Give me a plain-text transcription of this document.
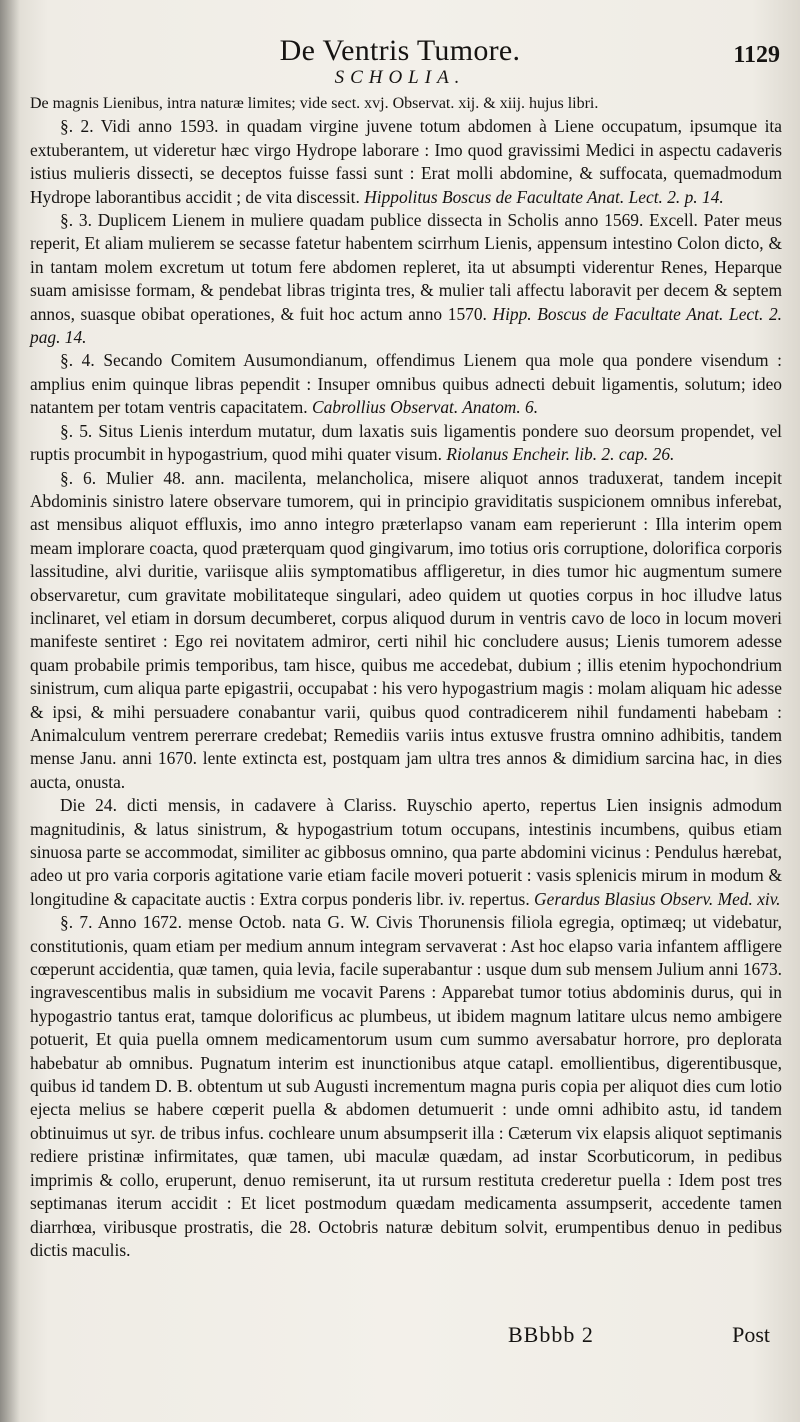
De Ventris Tumore.	1129
SCHOLIA.

De magnis Lienibus, intra naturæ limites; vide sect. xvj. Observat. xij. & xiij. hujus libri.

§. 2. Vidi anno 1593. in quadam virgine juvene totum abdomen à Liene occupatum, ipsumque ita extuberantem, ut videretur hæc virgo Hydrope laborare : Imo quod gravissimi Medici in aspectu cadaveris istius mulieris dissecti, se deceptos fuisse fassi sunt : Erat molli abdomine, & suffocata, quemadmodum Hydrope laborantibus accidit ; de vita discessit. Hippolitus Boscus de Facultate Anat. Lect. 2. p. 14.

§. 3. Duplicem Lienem in muliere quadam publice dissecta in Scholis anno 1569. Excell. Pater meus reperit, Et aliam mulierem se secasse fatetur habentem scirrhum Lienis, appensum intestino Colon dicto, & in tantam molem excretum ut totum fere abdomen repleret, ita ut absumpti viderentur Renes, Heparque suam amisisse formam, & pendebat libras triginta tres, & mulier tali affectu laboravit per decem & septem annos, suasque obibat operationes, & fuit hoc actum anno 1570. Hipp. Boscus de Facultate Anat. Lect. 2. pag. 14.

§. 4. Secando Comitem Ausumondianum, offendimus Lienem qua mole qua pondere visendum : amplius enim quinque libras pependit : Insuper omnibus quibus adnecti debuit ligamentis, solutum; ideo natantem per totam ventris capacitatem. Cabrollius Observat. Anatom. 6.

§. 5. Situs Lienis interdum mutatur, dum laxatis suis ligamentis pondere suo deorsum propendet, vel ruptis procumbit in hypogastrium, quod mihi quater visum. Riolanus Encheir. lib. 2. cap. 26.

§. 6. Mulier 48. ann. macilenta, melancholica, misere aliquot annos traduxerat, tandem incepit Abdominis sinistro latere observare tumorem, qui in principio graviditatis suspicionem omnibus inferebat, ast mensibus aliquot effluxis, imo anno integro præterlapso vanam eam reperierunt : Illa interim opem meam implorare coacta, quod præterquam quod gingivarum, imo totius oris corruptione, dolorifica corporis lassitudine, alvi duritie, variisque aliis symptomatibus affligeretur, in dies tumor hic augmentum sumere observaretur, cum gravitate mobilitateque singulari, adeo quidem ut quoties corpus in hoc illudve latus inclinaret, vel etiam in dorsum decumberet, corpus aliquod durum in ventris cavo de loco in locum moveri manifeste sentiret : Ego rei novitatem admiror, certi nihil hic concludere ausus; Lienis tumorem adesse quam probabile primis temporibus, tam hisce, quibus me accedebat, dubium ; illis etenim hypochondrium sinistrum, cum aliqua parte epigastrii, occupabat : his vero hypogastrium magis : molam aliquam hic adesse & ipsi, & mihi persuadere conabantur varii, quibus quod contradicerem nihil fundamenti habebam : Animalculum ventrem pererrare credebat; Remediis variis intus extusve frustra omnino adhibitis, tandem mense Janu. anni 1670. lente extincta est, postquam jam ultra tres annos & dimidium sarcina hac, in dies aucta, onusta.

Die 24. dicti mensis, in cadavere à Clariss. Ruyschio aperto, repertus Lien insignis admodum magnitudinis, & latus sinistrum, & hypogastrium totum occupans, intestinis incumbens, quibus etiam sinuosa parte se accommodat, similiter ac gibbosus omnino, qua parte abdomini vicinus : Pendulus hærebat, adeo ut pro varia corporis agitatione varie etiam facile moveri potuerit : vasis splenicis mirum in modum & longitudine & capacitate auctis : Extra corpus ponderis libr. iv. repertus. Gerardus Blasius Observ. Med. xiv.

§. 7. Anno 1672. mense Octob. nata G. W. Civis Thorunensis filiola egregia, optimæq; ut videbatur, constitutionis, quam etiam per medium annum integram servaverat : Ast hoc elapso varia infantem affligere cœperunt accidentia, quæ tamen, quia levia, facile superabantur : usque dum sub mensem Julium anni 1673. ingravescentibus malis in subsidium me vocavit Parens : Apparebat tumor totius abdominis durus, qui in hypogastrio tantus erat, tamque dolorificus ac plumbeus, ut ibidem magnum latitare ulcus nemo ambigere potuerit, Et quia puella omnem medicamentorum usum cum summo aversabatur horrore, pro deplorata habebatur ab omnibus. Pugnatum interim est inunctionibus atque catapl. emollientibus, digerentibusque, quibus id tandem D. B. obtentum ut sub Augusti incrementum magna puris copia per aliquot dies cum lotio ejecta melius se habere cœperit puella & abdomen detumuerit : unde omni adhibito astu, id tandem obtinuimus ut syr. de tribus infus. cochleare unum absumpserit illa : Cæterum vix elapsis aliquot septimanis rediere pristinæ infirmitates, quæ tamen, ubi maculæ quædam, ad instar Scorbuticorum, in pedibus imprimis & collo, eruperunt, denuo remiserunt, ita ut rursum restituta crederetur puella : Idem post tres septimanas iterum accidit : Et licet postmodum quædam medicamenta assumpserit, accedente tamen diarrhœa, viribusque prostratis, die 28. Octobris naturæ debitum solvit, erumpentibus denuo in pedibus dictis maculis.

BBbbb 2	Post
